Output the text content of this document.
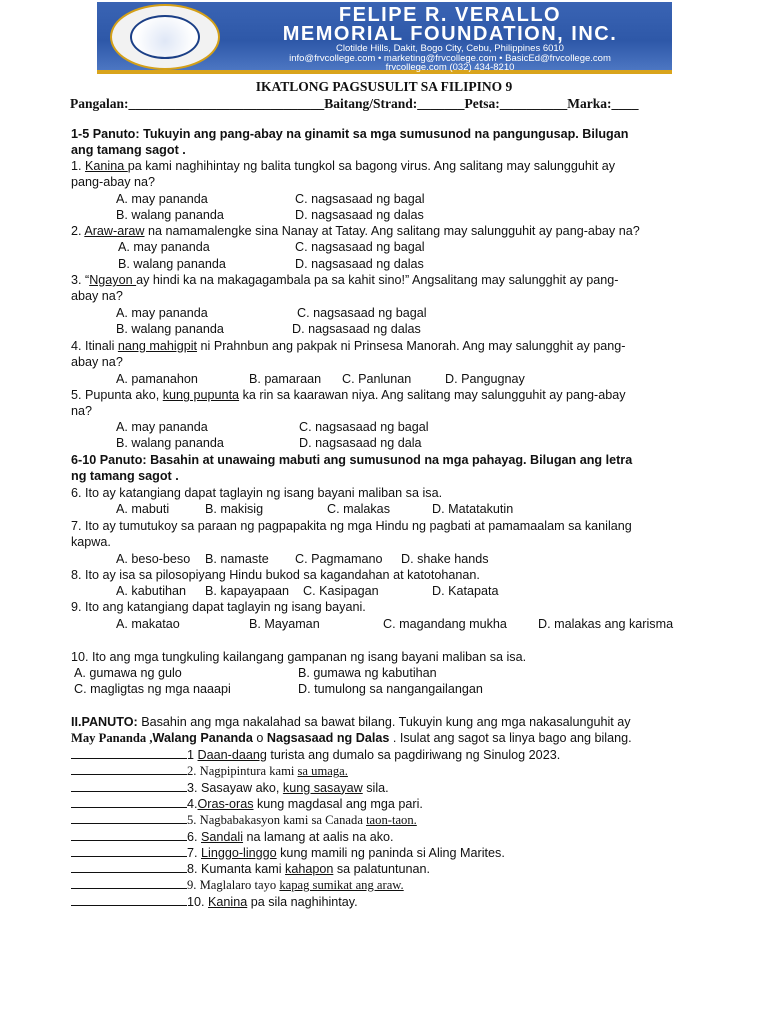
FELIPE R. VERALLO
MEMORIAL FOUNDATION, INC.
Clotilde Hills, Dakit, Bogo City, Cebu, Philippines 6010
info@frvcollege.com • marketing@frvcollege.com • BasicEd@frvcollege.com
frvcollege.com (032) 434-8210
IKATLONG PAGSUSULIT SA FILIPINO 9
Pangalan:_____________________________Baitang/Strand:_______Petsa:__________Marka:____
1-5 Panuto: Tukuyin ang pang-abay na ginamit sa mga sumusunod na pangungusap. Bilugan
ang tamang sagot .
1. Kanina pa kami naghihintay ng balita tungkol sa bagong virus. Ang salitang may salungguhit ay
pang-abay na?
A. may pananda	C. nagsasaad ng bagal
B. walang pananda	D. nagsasaad ng dalas
2. Araw-araw na namamalengke sina Nanay at Tatay. Ang salitang may salungguhit ay pang-abay na?
A. may pananda	C. nagsasaad ng bagal
B. walang pananda	D. nagsasaad ng dalas
3. “Ngayon ay hindi ka na makagagambala pa sa kahit sino!” Angsalitang may salungghit ay pang-
abay na?
A. may pananda	C. nagsasaad ng bagal
B. walang pananda	D. nagsasaad ng dalas
4. Itinali nang mahigpit ni Prahnbun ang pakpak ni Prinsesa Manorah. Ang may salungghit ay pang-
abay na?
A. pamanahon	B. pamaraan C. Panlunan	D. Pangugnay
5. Pupunta ako, kung pupunta ka rin sa kaarawan niya. Ang salitang may salungguhit ay pang-abay
na?
A. may pananda	C. nagsasaad ng bagal
B. walang pananda	D. nagsasaad ng dala
6-10 Panuto: Basahin at unawaing mabuti ang sumusunod na mga pahayag. Bilugan ang letra
ng tamang sagot .
6. Ito ay katangiang dapat taglayin ng isang bayani maliban sa isa.
A. mabuti	B. makisig	C. malakas	D. Matatakutin
7. Ito ay tumutukoy sa paraan ng pagpapakita ng mga Hindu ng pagbati at pamamaalam sa kanilang
kapwa.
A. beso-beso B. namaste C. Pagmamano D. shake hands
8. Ito ay isa sa pilosopiyang Hindu bukod sa kagandahan at katotohanan.
A. kabutihan B. kapayapaan C. Kasipagan	D. Katapata
9. Ito ang katangiang dapat taglayin ng isang bayani.
A. makatao	B. Mayaman	C. magandang mukha D. malakas ang karisma
10. Ito ang mga tungkuling kailangang gampanan ng isang bayani maliban sa isa.
A. gumawa ng gulo	B. gumawa ng kabutihan
C. magligtas ng mga naaapi	D. tumulong sa nangangailangan
II.PANUTO: Basahin ang mga nakalahad sa bawat bilang. Tukuyin kung ang mga nakasalunguhit ay
May Pananda ,Walang Pananda o Nagsasaad ng Dalas . Isulat ang sagot sa linya bago ang bilang.
1 Daan-daang turista ang dumalo sa pagdiriwang ng Sinulog 2023.
2. Nagpipintura kami sa umaga.
3. Sasayaw ako, kung sasayaw sila.
4.Oras-oras kung magdasal ang mga pari.
5. Nagbabakasyon kami sa Canada taon-taon.
6. Sandali na lamang at aalis na ako.
7. Linggo-linggo kung mamili ng paninda si Aling Marites.
8. Kumanta kami kahapon sa palatuntunan.
9. Maglalaro tayo kapag sumikat ang araw.
10. Kanina pa sila naghihintay.
